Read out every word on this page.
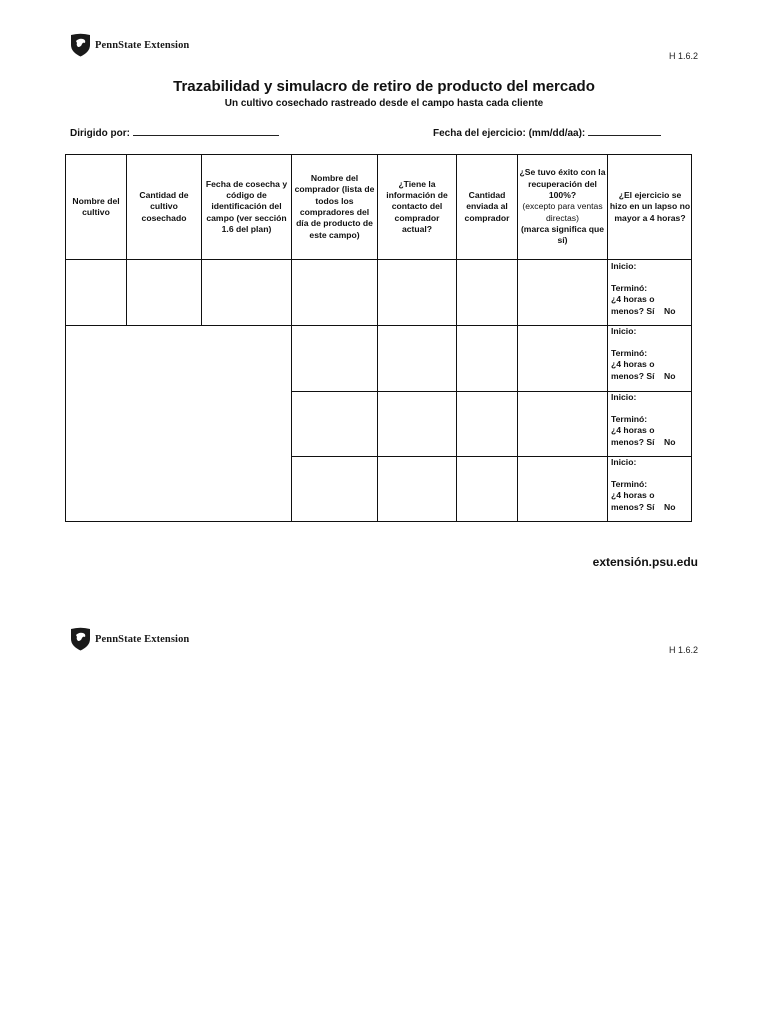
PennState Extension
H 1.6.2
Trazabilidad y simulacro de retiro de producto del mercado
Un cultivo cosechado rastreado desde el campo hasta cada cliente
Dirigido por:	Fecha del ejercicio: (mm/dd/aa):
Nombre del cultivo
Cantidad de cultivo cosechado
Fecha de cosecha y código de identificación del campo (ver sección 1.6 del plan)
Nombre del comprador (lista de todos los compradores del día de producto de este campo)
¿Tiene la información de contacto del comprador actual?
Cantidad enviada al comprador
¿Se tuvo éxito con la recuperación del 100%?
(excepto para ventas directas)
(marca significa que sí)
¿El ejercicio se hizo en un lapso no mayor a 4 horas?
Inicio:
Terminó:
¿4 horas o
menos? Sí    No
Inicio:
Terminó:
¿4 horas o
menos? Sí    No
Inicio:
Terminó:
¿4 horas o
menos? Sí    No
Inicio:
Terminó:
¿4 horas o
menos? Sí    No
extensión.psu.edu
PennState Extension
H 1.6.2
